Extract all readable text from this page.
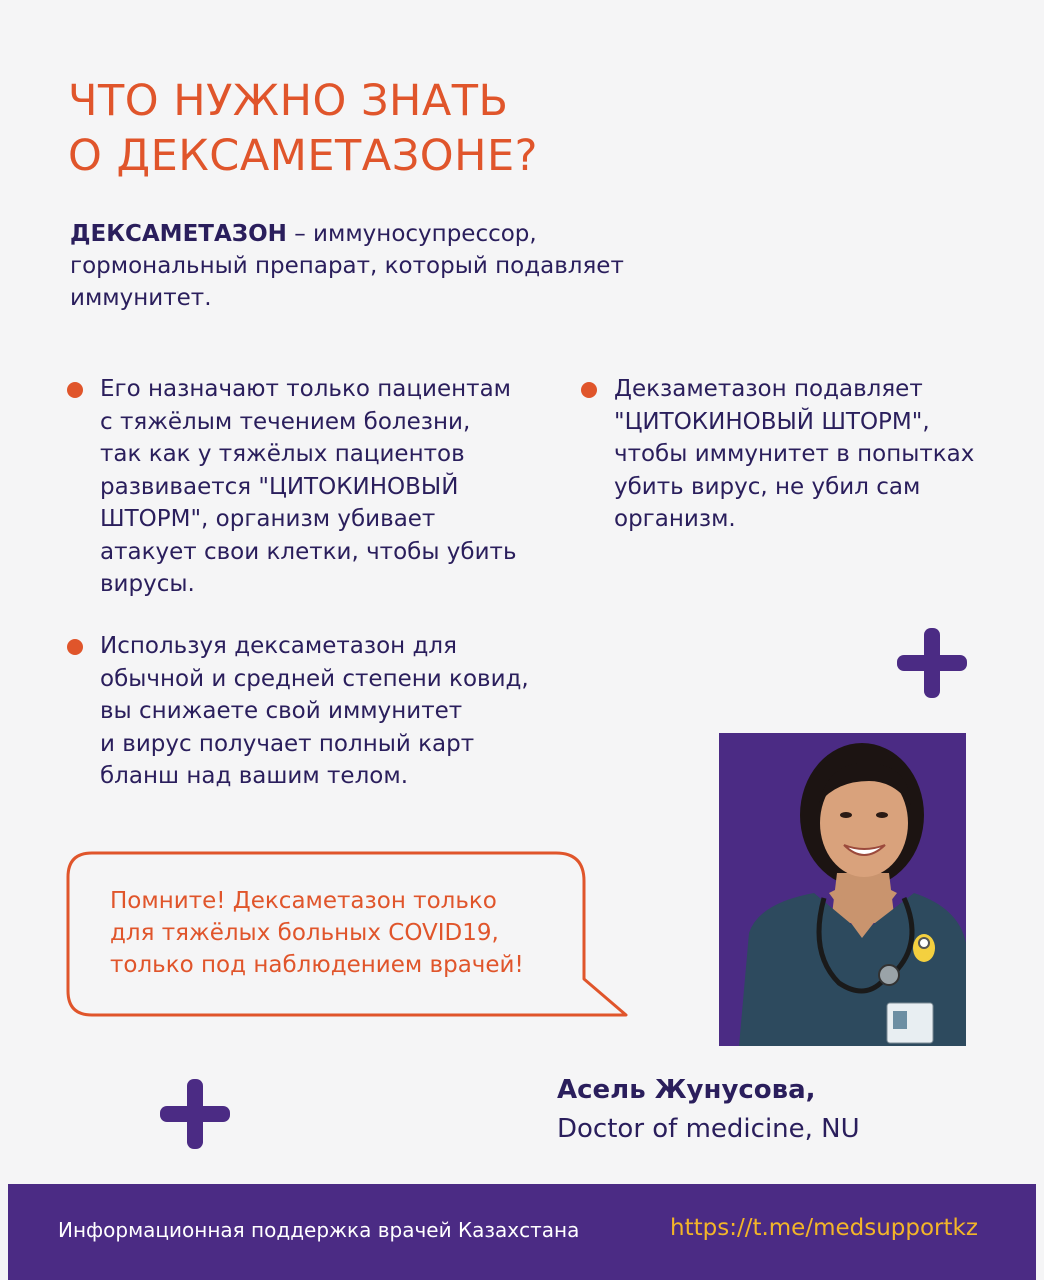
ЧТО НУЖНО ЗНАТЬ
О ДЕКСАМЕТАЗОНЕ?
ДЕКСАМЕТАЗОН – иммуносупрессор, гормональный препарат, который подавляет иммунитет.
Его назначают только пациентам
с тяжёлым течением болезни,
так как у тяжёлых пациентов
развивается "ЦИТОКИНОВЫЙ
ШТОРМ", организм убивает
атакует свои клетки, чтобы убить
вирусы.
Используя дексаметазон для
обычной и средней степени ковид,
вы снижаете свой иммунитет
и вирус получает полный карт
бланш над вашим телом.
Декзаметазон подавляет
"ЦИТОКИНОВЫЙ ШТОРМ",
чтобы иммунитет в попытках
убить вирус, не убил сам
организм.
Помните! Дексаметазон только
для тяжёлых больных COVID19,
только под наблюдением врачей!
Асель Жунусова,
Doctor of medicine, NU
Информационная поддержка врачей Казахстана	https://t.me/medsupportkz
